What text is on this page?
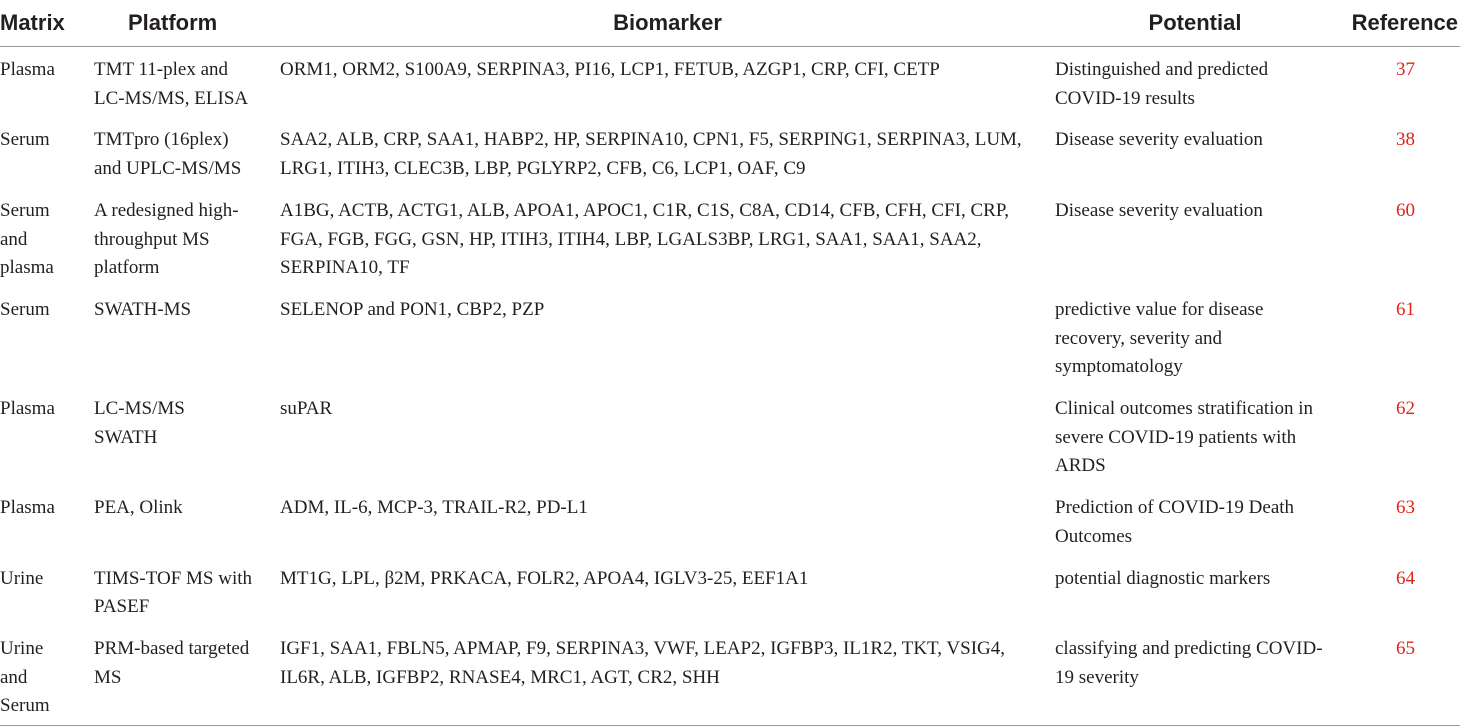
Matrix	Platform	Biomarker	Potential	Reference
Plasma	TMT 11-plex and LC-MS/MS, ELISA	ORM1, ORM2, S100A9, SERPINA3, PI16, LCP1, FETUB, AZGP1, CRP, CFI, CETP	Distinguished and predicted COVID-19 results	37
Serum	TMTpro (16plex) and UPLC-MS/MS	SAA2, ALB, CRP, SAA1, HABP2, HP, SERPINA10, CPN1, F5, SERPING1, SERPINA3, LUM, LRG1, ITIH3, CLEC3B, LBP, PGLYRP2, CFB, C6, LCP1, OAF, C9	Disease severity evaluation	38
Serum and plasma	A redesigned high-throughput MS platform	A1BG, ACTB, ACTG1, ALB, APOA1, APOC1, C1R, C1S, C8A, CD14, CFB, CFH, CFI, CRP, FGA, FGB, FGG, GSN, HP, ITIH3, ITIH4, LBP, LGALS3BP, LRG1, SAA1, SAA1, SAA2, SERPINA10, TF	Disease severity evaluation	60
Serum	SWATH-MS	SELENOP and PON1, CBP2, PZP	predictive value for disease recovery, severity and symptomatology	61
Plasma	LC-MS/MS SWATH	suPAR	Clinical outcomes stratification in severe COVID-19 patients with ARDS	62
Plasma	PEA, Olink	ADM, IL-6, MCP-3, TRAIL-R2, PD-L1	Prediction of COVID-19 Death Outcomes	63
Urine	TIMS-TOF MS with PASEF	MT1G, LPL, β2M, PRKACA, FOLR2, APOA4, IGLV3-25, EEF1A1	potential diagnostic markers	64
Urine and Serum	PRM-based targeted MS	IGF1, SAA1, FBLN5, APMAP, F9, SERPINA3, VWF, LEAP2, IGFBP3, IL1R2, TKT, VSIG4, IL6R, ALB, IGFBP2, RNASE4, MRC1, AGT, CR2, SHH	classifying and predicting COVID-19 severity	65
